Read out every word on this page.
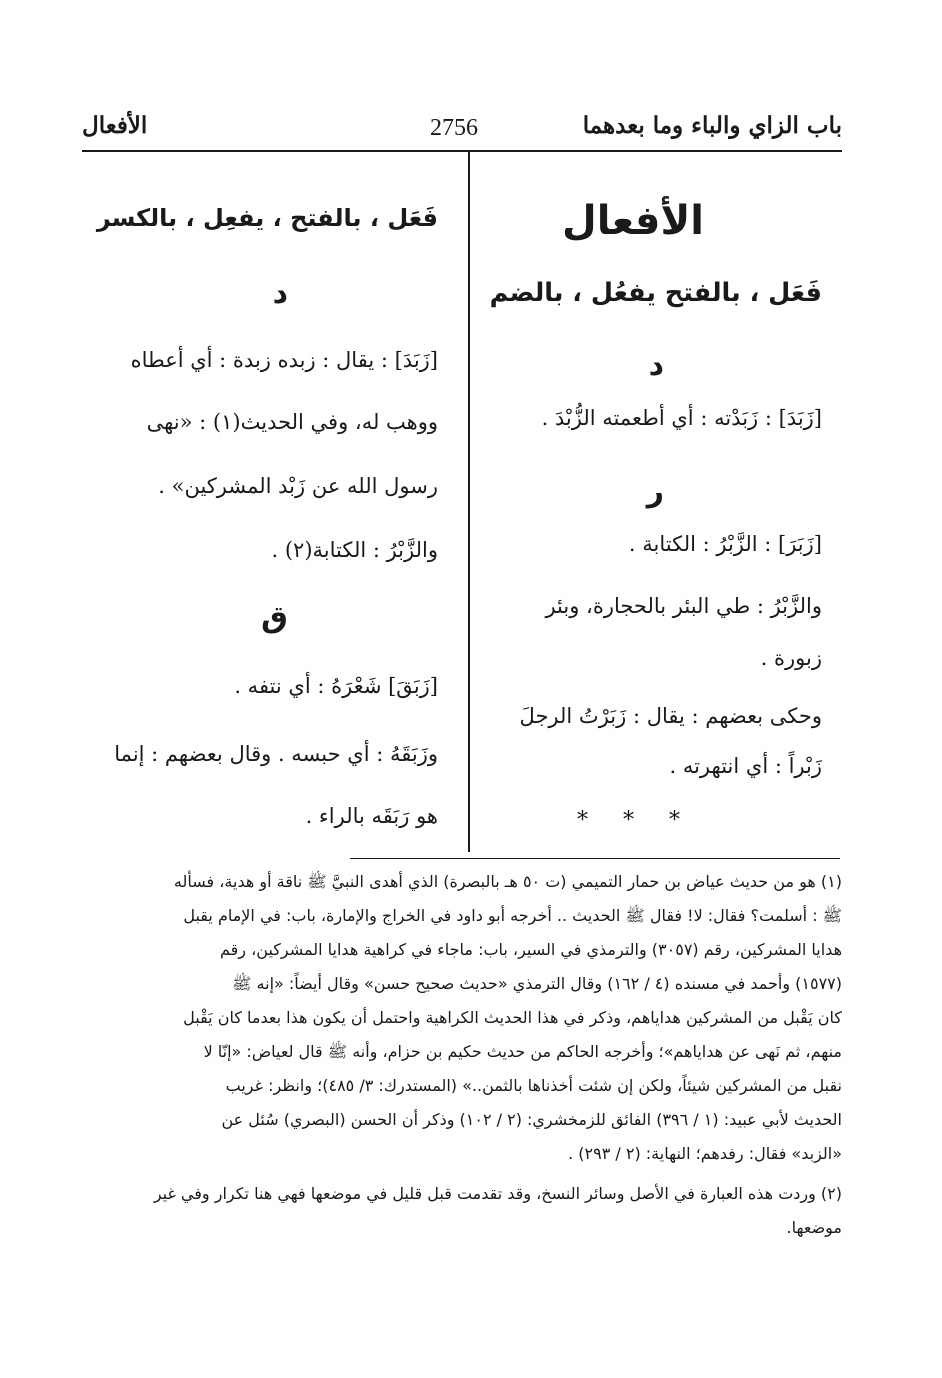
باب الزاي والباء وما بعدهما
2756
الأفعال
الأفعال
فَعَل ، بالفتح يفعُل ، بالضم
د
[زَبَدَ] : زَبَدْته : أي أطعمته الزُّبْدَ .
ر
[زَبَرَ] : الزَّبْرُ : الكتابة .
والزَّبْرُ : طي البئر بالحجارة، وبئر
زبورة .
وحكى بعضهم : يقال : زَبَرْتُ الرجلَ
زَبْراً : أي انتهرته .
* * *
فَعَل ، بالفتح ، يفعِل ، بالكسر
د
[زَبَدَ] : يقال : زبده زبدة : أي أعطاه
ووهب له، وفي الحديث(١) : «نهى
رسول الله عن زَبْد المشركين» .
والزَّبْرُ : الكتابة(٢) .
ق
[زَبَقَ] شَعْرَهُ : أي نتفه .
وزَبَقَهُ : أي حبسه . وقال بعضهم : إنما
هو رَبَقَه بالراء .
(١) هو من حديث عياض بن حمار التميمي (ت ٥٠ هـ بالبصرة) الذي أهدى النبيَّ ﷺ ناقة أو هدية، فسأله
ﷺ : أسلمت؟ فقال: لا! فقال ﷺ الحديث .. أخرجه أبو داود في الخراج والإمارة، باب: في الإمام يقبل
هدايا المشركين، رقم (٣٠٥٧) والترمذي في السير، باب: ماجاء في كراهية هدايا المشركين، رقم
(١٥٧٧) وأحمد في مسنده (٤ / ١٦٢) وقال الترمذي «حديث صحيح حسن» وقال أيضاً: «إنه ﷺ
كان يَقْبل من المشركين هداياهم، وذكر في هذا الحديث الكراهية واحتمل أن يكون هذا بعدما كان يَقْبل
منهم، ثم نَهى عن هداياهم»؛ وأخرجه الحاكم من حديث حكيم بن حزام، وأنه ﷺ قال لعياض: «إنّا لا
نقبل من المشركين شيئاً، ولكن إن شئت أخذناها بالثمن..» (المستدرك: ٣/ ٤٨٥)؛ وانظر: غريب
الحديث لأبي عبيد: (١ / ٣٩٦) الفائق للزمخشري: (٢ / ١٠٢) وذكر أن الحسن (البصري) سُئل عن
«الزبد» فقال: رفدهم؛ النهاية: (٢ / ٢٩٣) .
(٢) وردت هذه العبارة في الأصل وسائر النسخ، وقد تقدمت قبل قليل في موضعها فهي هنا تكرار وفي غير
موضعها.
